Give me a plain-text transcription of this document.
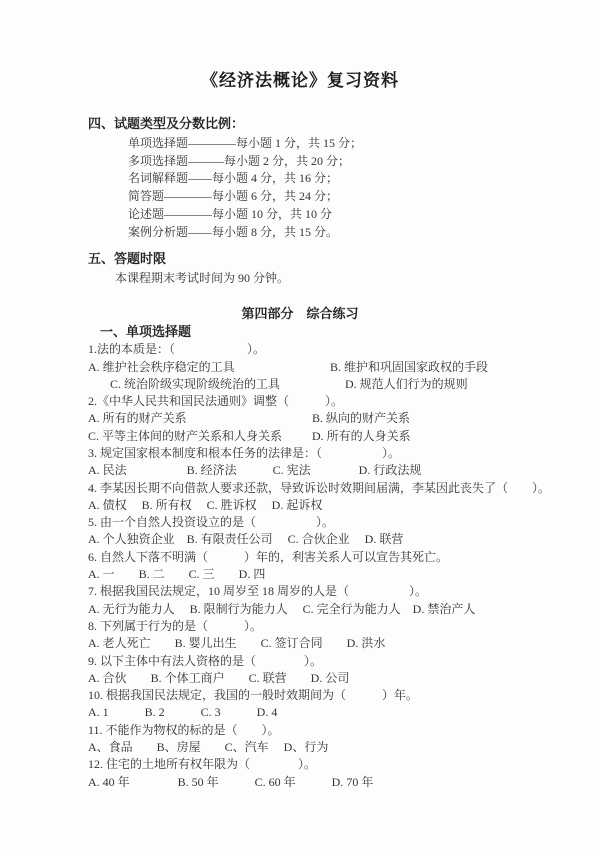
《经济法概论》复习资料
四、试题类型及分数比例：
单项选择题————每小题 1 分，共 15 分；
多项选择题———每小题 2 分，共 20 分；
名词解释题——每小题 4 分，共 16 分；
简答题————每小题 6 分，共 24 分；
论述题————每小题 10 分，共 10 分
案例分析题——每小题 8 分，共 15 分。
五、答题时限
本课程期末考试时间为 90 分钟。
第四部分　综合练习
一、单项选择题
1.法的本质是：（　　　　　　）。
A. 维护社会秩序稳定的工具	B. 维护和巩固国家政权的手段
C. 统治阶级实现阶级统治的工具	D. 规范人们行为的规则
2.《中华人民共和国民法通则》调整（　　　）。
A. 所有的财产关系	B. 纵向的财产关系
C. 平等主体间的财产关系和人身关系 D. 所有的人身关系
3. 规定国家根本制度和根本任务的法律是：（　　　　　）。
A. 民法　　　　　B. 经济法　　　C. 宪法　　　　D. 行政法规
4. 李某因长期不向借款人要求还款，导致诉讼时效期间届满，李某因此丧失了（　　）。
A. 债权　 B. 所有权　 C. 胜诉权　 D. 起诉权
5. 由一个自然人投资设立的是（　　　　　）。
A. 个人独资企业　B. 有限责任公司　 C. 合伙企业　 D. 联营
6. 自然人下落不明满（　　　）年的，利害关系人可以宣告其死亡。
A. 一　　B. 二　　C. 三　　D. 四
7. 根据我国民法规定，10 周岁至 18 周岁的人是（　　　　　）。
A. 无行为能力人　 B. 限制行为能力人　 C. 完全行为能力人　D. 禁治产人
8. 下列属于行为的是（　　　）。
A. 老人死亡　　B. 婴儿出生　　C. 签订合同　　D. 洪水
9. 以下主体中有法人资格的是（　　　　）。
A. 合伙　　B. 个体工商户　　C. 联营　　D. 公司
10. 根据我国民法规定，我国的一般时效期间为（　　　）年。
A. 1　　　B. 2　　　C. 3　　　D. 4
11. 不能作为物权的标的是（　　）。
A、食品　　B、房屋　　C、汽车　 D、行为
12. 住宅的土地所有权年限为（　　　　）。
A. 40 年　　　　B. 50 年　　　C. 60 年　　　D. 70 年
